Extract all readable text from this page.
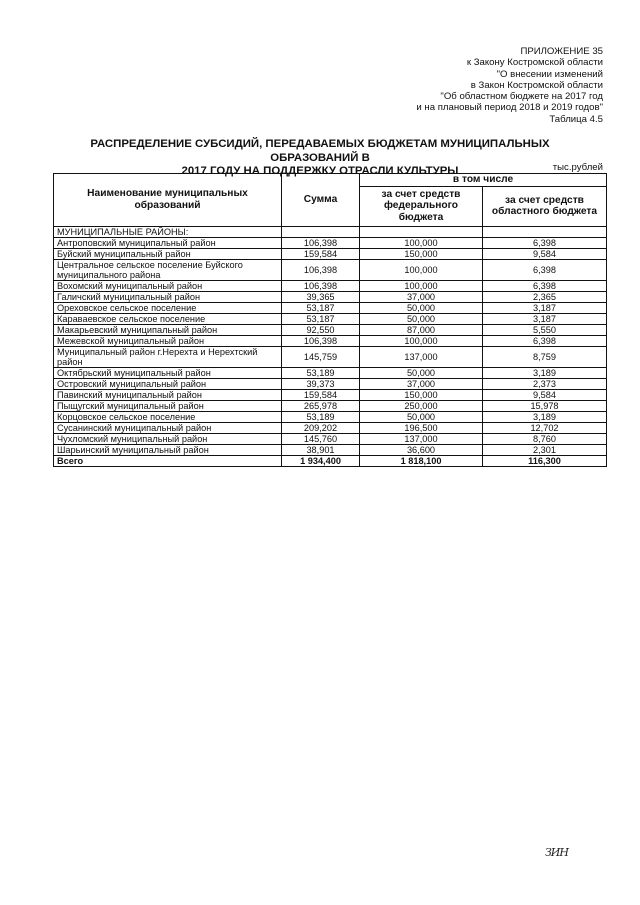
ПРИЛОЖЕНИЕ 35
к Закону Костромской области
"О внесении изменений
в Закон Костромской области
"Об областном бюджете на 2017 год
и на плановый период 2018 и 2019 годов"
Таблица 4.5
РАСПРЕДЕЛЕНИЕ СУБСИДИЙ, ПЕРЕДАВАЕМЫХ БЮДЖЕТАМ МУНИЦИПАЛЬНЫХ ОБРАЗОВАНИЙ В
2017 ГОДУ НА ПОДДЕРЖКУ ОТРАСЛИ КУЛЬТУРЫ	тыс.рублей
Наименование муниципальных образований	Сумма	в том числе	
		за счет средств федерального бюджета	за счет средств областного бюджета
МУНИЦИПАЛЬНЫЕ РАЙОНЫ:			
Антроповский муниципальный район	106,398	100,000	6,398
Буйский муниципальный район	159,584	150,000	9,584
Центральное сельское поселение Буйского муниципального района	106,398	100,000	6,398
Вохомский муниципальный район	106,398	100,000	6,398
Галичский муниципальный район	39,365	37,000	2,365
Ореховское сельское поселение	53,187	50,000	3,187
Караваевское сельское поселение	53,187	50,000	3,187
Макарьевский муниципальный район	92,550	87,000	5,550
Межевской муниципальный район	106,398	100,000	6,398
Муниципальный район г.Нерехта и Нерехтский район	145,759	137,000	8,759
Октябрьский муниципальный район	53,189	50,000	3,189
Островский муниципальный район	39,373	37,000	2,373
Павинский муниципальный район	159,584	150,000	9,584
Пыщугский муниципальный район	265,978	250,000	15,978
Корцовское сельское поселение	53,189	50,000	3,189
Сусанинский муниципальный район	209,202	196,500	12,702
Чухломский муниципальный район	145,760	137,000	8,760
Шарьинский муниципальный район	38,901	36,600	2,301
Всего	1 934,400	1 818,100	116,300
ЗИН
